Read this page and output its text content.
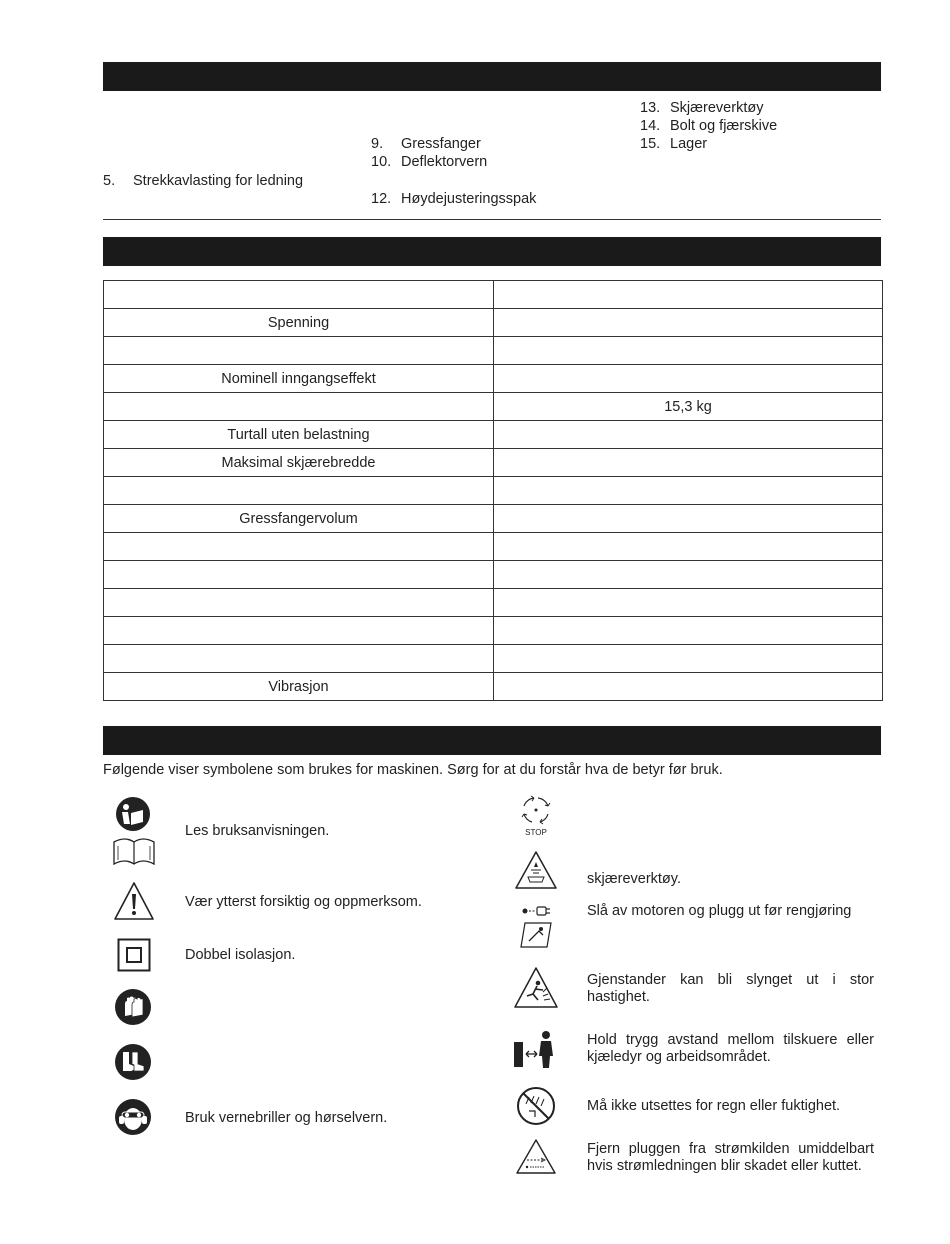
5. Strekkavlasting for ledning
9. Gressfanger
10. Deflektorvern
12. Høydejusteringsspak
13. Skjæreverktøy
14. Bolt og fjærskive
15. Lager

Spenning	

Nominell inngangseffekt	
	15,3 kg
Turtall uten belastning	
Maksimal skjærebredde	

Gressfangervolum	

Vibrasjon	
Følgende viser symbolene som brukes for maskinen. Sørg for at du forstår hva de betyr før bruk.
Les bruksanvisningen.
Vær ytterst forsiktig og oppmerksom.
Dobbel isolasjon.
Bruk vernebriller og hørselvern.
STOP
skjæreverktøy.
Slå av motoren og plugg ut før rengjøring
Gjenstander kan bli slynget ut i stor hastighet.
Hold trygg avstand mellom tilskuere eller kjæledyr og arbeidsområdet.
Må ikke utsettes for regn eller fuktighet.
Fjern pluggen fra strømkilden umiddelbart hvis strømledningen blir skadet eller kuttet.
